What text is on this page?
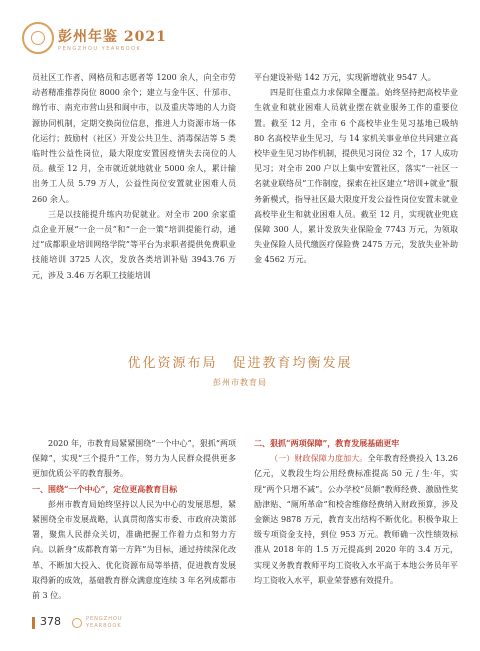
彭州年鉴 2021
PENGZHOU YEARBOOK

员社区工作者、网格员和志愿者等 1200 余人，向全市劳动者精准推荐岗位 8000 余个；建立与金牛区、什邡市、绵竹市、南充市营山县和阆中市，以及重庆等地的人力资源协同机制，定期交换岗位信息，推进人力资源市场一体化运行；鼓励村（社区）开发公共卫生、消毒保洁等 5 类临时性公益性岗位，最大限度安置因疫情失去岗位的人员。截至 12 月，全市就近就地就业 5000 余人，累计输出务工人员 5.79 万人，公益性岗位安置就业困难人员 260 余人。

三是以技能提升练内功促就业。对全市 200 余家重点企业开展“一企一员”和“一企一策”培训提能行动，通过“成都职业培训网络学院”等平台为求职者提供免费职业技能培训 3725 人次，发放各类培训补贴 3943.76 万元，涉及 3.46 万名职工技能培训

平台建设补贴 142 万元，实现新增就业 9547 人。

四是盯住重点力求保障全覆盖。始终坚持把高校毕业生就业和就业困难人员就业摆在就业服务工作的重要位置。截至 12 月，全市 6 个高校毕业生见习基地已吸纳 80 名高校毕业生见习，与 14 家机关事业单位共同建立高校毕业生见习协作机制，提供见习岗位 32 个，17 人成功见习；对全市 200 户以上集中安置社区，落实“一社区一名就业联络员”工作制度，探索在社区建立“培训+就业”服务新模式，指导社区最大限度开发公益性岗位安置未就业高校毕业生和就业困难人员。截至 12 月，实现就业兜底保障 300 人，累计发放失业保险金 7743 万元，为领取失业保险人员代缴医疗保险费 2475 万元，发放失业补助金 4562 万元。

优化资源布局　促进教育均衡发展
彭州市教育局

2020 年，市教育局紧紧围绕“一个中心”，狠抓“两项保障”，实现“三个提升”工作，努力为人民群众提供更多更加优质公平的教育服务。

一、围绕“一个中心”，定位更高教育目标

彭州市教育局始终坚持以人民为中心的发展思想，紧紧围绕全市发展战略，认真贯彻落实市委、市政府决策部署，聚焦人民群众关切，准确把握工作着力点和努力方向。以新身“成都教育第一方阵”为目标，通过持续深化改革、不断加大投入、优化资源布局等举措，促进教育发展取得新的成效，基础教育群众满意度连续 3 年名列成都市前 3 位。

二、狠抓“两项保障”，教育发展基础更牢

（一）财政保障力度加大。全年教育经费投入 13.26 亿元，义教段生均公用经费标准提高 50 元 / 生·年，实现“两个只增不减”。公办学校“员额”教师经费、激励性奖励津贴、“厕所革命”和校舍维修经费纳入财政预算，涉及金额达 9878 万元，教育支出结构不断优化。积极争取上级专项资金支持，到位 953 万元。教师确一次性绩效标准从 2018 年的 1.5 万元提高到 2020 年的 3.4 万元，实现义务教育教师平均工资收入水平高于本地公务员年平均工资收入水平，职业荣誉感有效提升。

378	PENGZHOU
YEARBOOK
